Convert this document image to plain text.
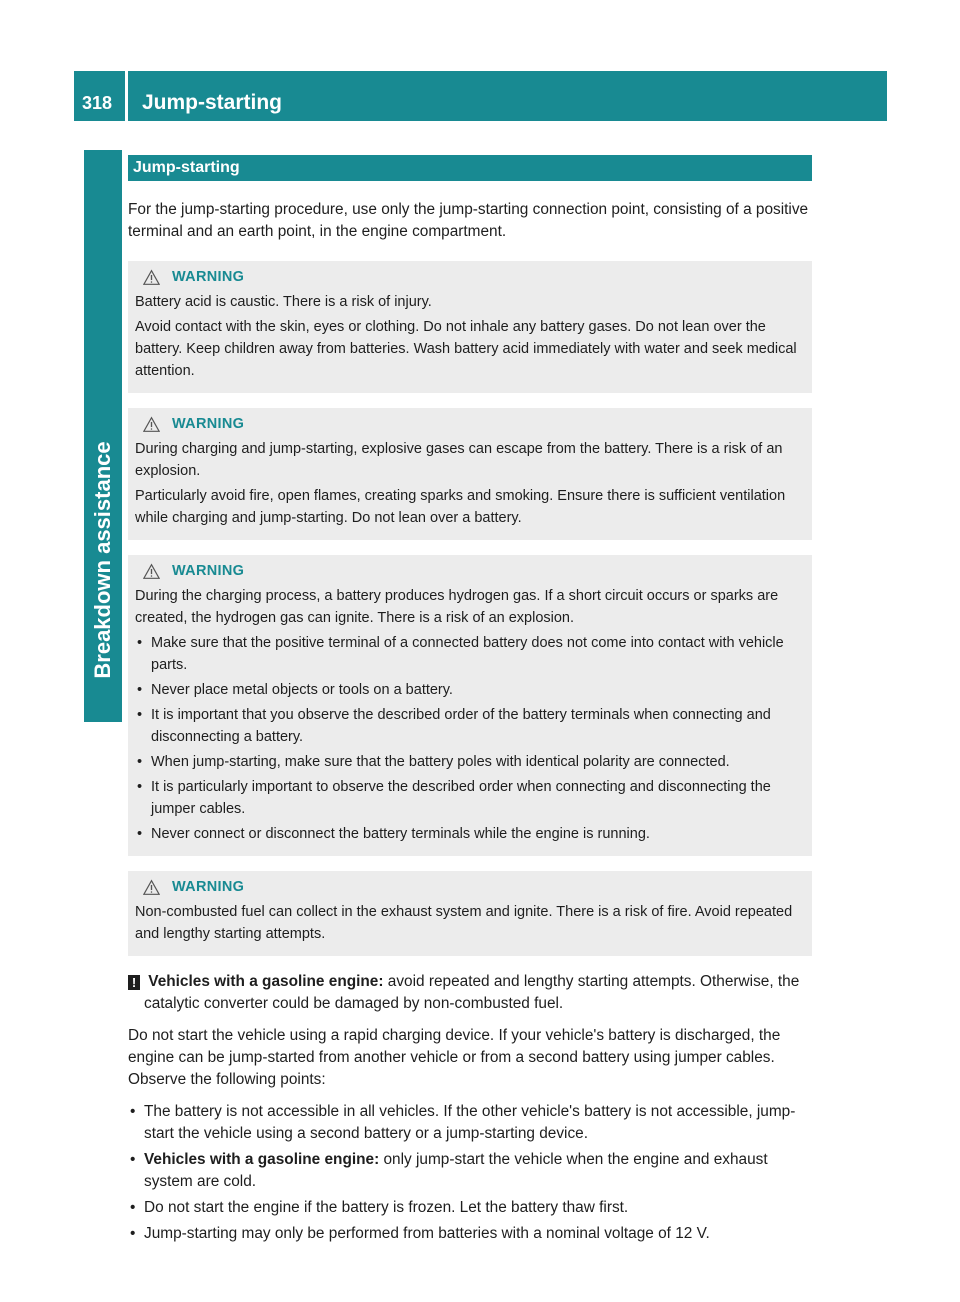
318 Jump-starting
Breakdown assistance
Jump-starting

For the jump-starting procedure, use only the jump-starting connection point, consisting of a positive terminal and an earth point, in the engine compartment.

WARNING

Battery acid is caustic. There is a risk of injury.

Avoid contact with the skin, eyes or clothing. Do not inhale any battery gases. Do not lean over the battery. Keep children away from batteries. Wash battery acid immediately with water and seek medical attention.

WARNING

During charging and jump-starting, explosive gases can escape from the battery. There is a risk of an explosion.

Particularly avoid fire, open flames, creating sparks and smoking. Ensure there is sufficient ventilation while charging and jump-starting. Do not lean over a battery.

WARNING

During the charging process, a battery produces hydrogen gas. If a short circuit occurs or sparks are created, the hydrogen gas can ignite. There is a risk of an explosion.

• Make sure that the positive terminal of a connected battery does not come into contact with vehicle parts.
• Never place metal objects or tools on a battery.
• It is important that you observe the described order of the battery terminals when connecting and disconnecting a battery.
• When jump-starting, make sure that the battery poles with identical polarity are connected.
• It is particularly important to observe the described order when connecting and disconnecting the jumper cables.
• Never connect or disconnect the battery terminals while the engine is running.
WARNING

Non-combusted fuel can collect in the exhaust system and ignite. There is a risk of fire. Avoid repeated and lengthy starting attempts.

! Vehicles with a gasoline engine: avoid repeated and lengthy starting attempts. Otherwise, the catalytic converter could be damaged by non-combusted fuel.

Do not start the vehicle using a rapid charging device. If your vehicle's battery is discharged, the engine can be jump-started from another vehicle or from a second battery using jumper cables. Observe the following points:

• The battery is not accessible in all vehicles. If the other vehicle's battery is not accessible, jump-start the vehicle using a second battery or a jump-starting device.
• Vehicles with a gasoline engine: only jump-start the vehicle when the engine and exhaust system are cold.
• Do not start the engine if the battery is frozen. Let the battery thaw first.
• Jump-starting may only be performed from batteries with a nominal voltage of 12 V.
